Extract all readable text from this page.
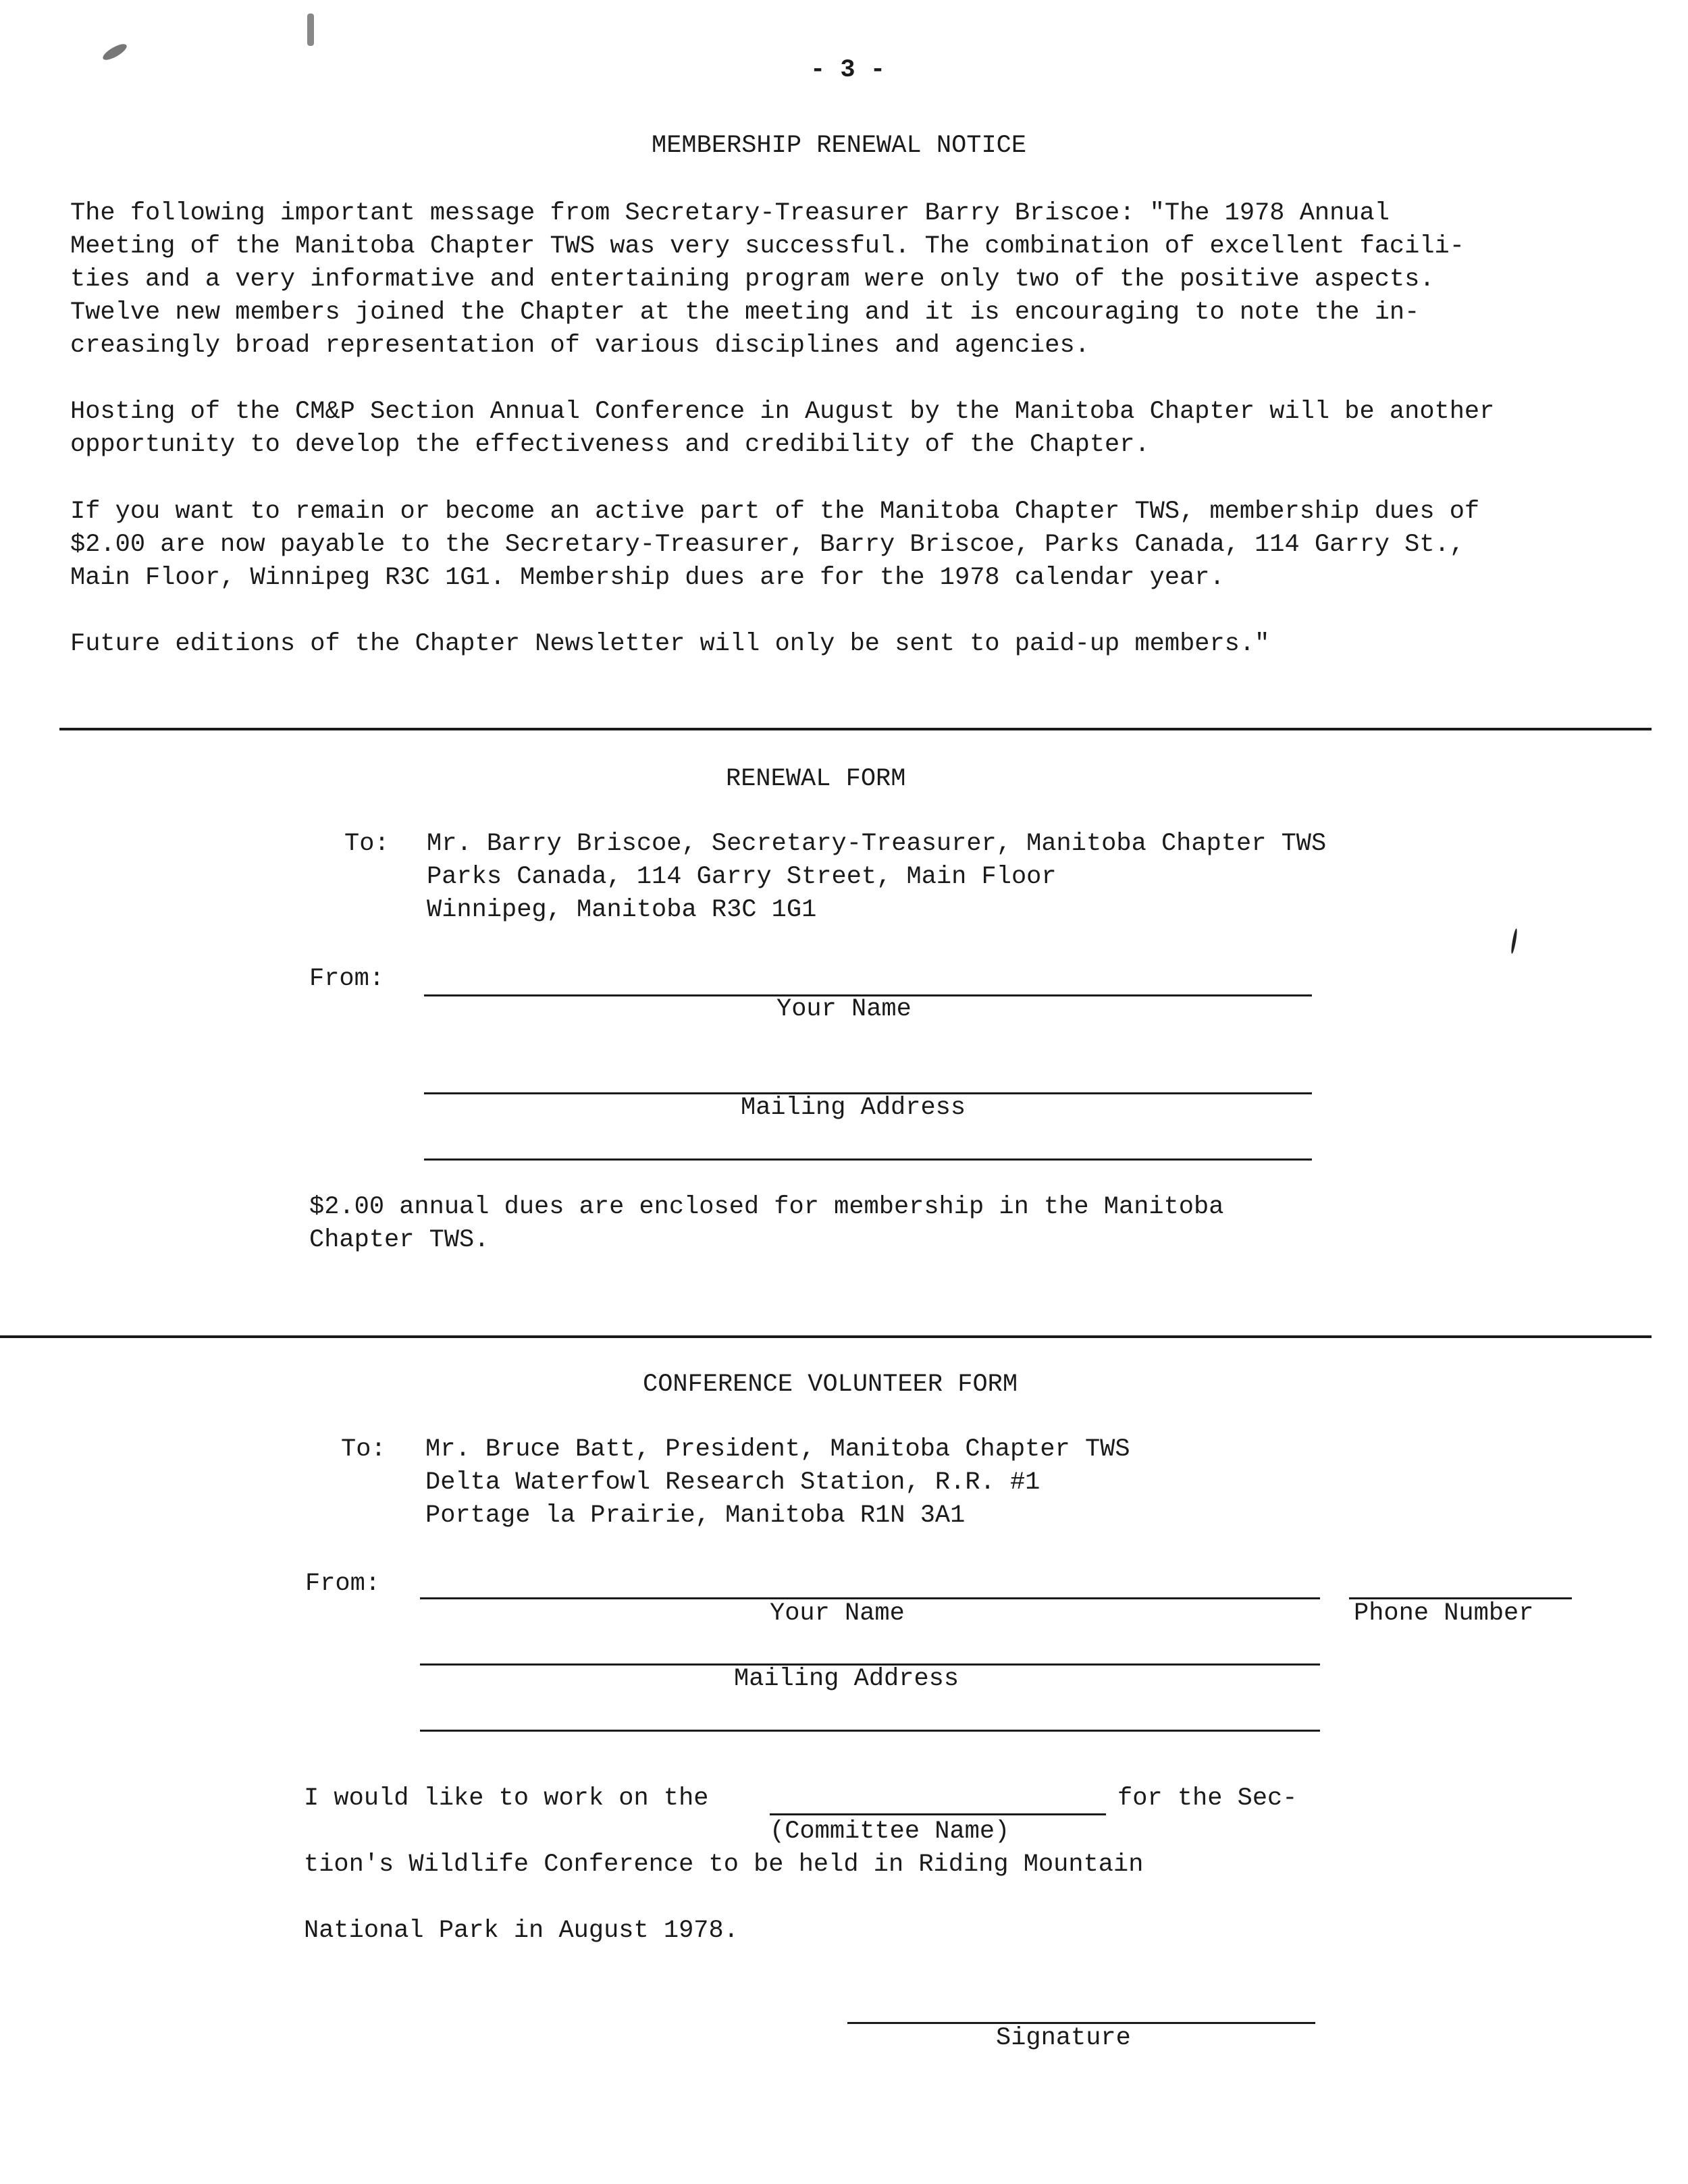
- 3 -
MEMBERSHIP RENEWAL NOTICE
The following important message from Secretary-Treasurer Barry Briscoe: "The 1978 Annual
Meeting of the Manitoba Chapter TWS was very successful. The combination of excellent facili-
ties and a very informative and entertaining program were only two of the positive aspects.
Twelve new members joined the Chapter at the meeting and it is encouraging to note the in-
creasingly broad representation of various disciplines and agencies.
Hosting of the CM&P Section Annual Conference in August by the Manitoba Chapter will be another
opportunity to develop the effectiveness and credibility of the Chapter.
If you want to remain or become an active part of the Manitoba Chapter TWS, membership dues of
$2.00 are now payable to the Secretary-Treasurer, Barry Briscoe, Parks Canada, 114 Garry St.,
Main Floor, Winnipeg R3C 1G1. Membership dues are for the 1978 calendar year.
Future editions of the Chapter Newsletter will only be sent to paid-up members."
RENEWAL FORM
To: Mr. Barry Briscoe, Secretary-Treasurer, Manitoba Chapter TWS
Parks Canada, 114 Garry Street, Main Floor
Winnipeg, Manitoba R3C 1G1
From:
Your Name
Mailing Address
$2.00 annual dues are enclosed for membership in the Manitoba
Chapter TWS.
CONFERENCE VOLUNTEER FORM
To: Mr. Bruce Batt, President, Manitoba Chapter TWS
Delta Waterfowl Research Station, R.R. #1
Portage la Prairie, Manitoba R1N 3A1
From:
Your Name	Phone Number
Mailing Address
I would like to work on the	for the Sec-
(Committee Name)
tion's Wildlife Conference to be held in Riding Mountain
National Park in August 1978.
Signature
